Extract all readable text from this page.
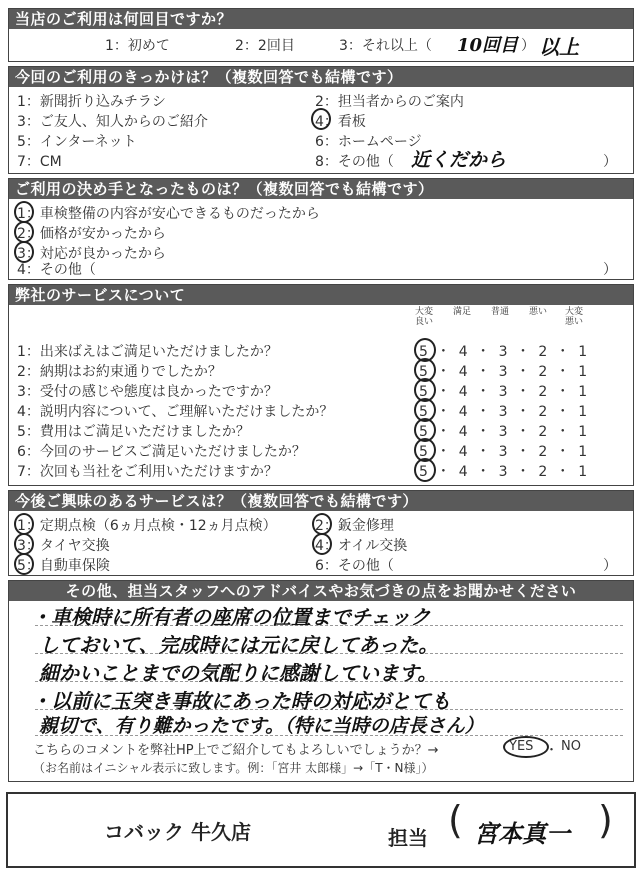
当店のご利用は何回目ですか？
1：初めて	2：2回目	3：それ以上（ 10回目 ） 以上
今回のご利用のきっかけは？（複数回答でも結構です）
1：新聞折り込みチラシ	2：担当者からのご案内
3：ご友人、知人からのご紹介	4：看板
5：インターネット	6：ホームページ
7：CM	8：その他（ 近くだから	）
ご利用の決め手となったものは？（複数回答でも結構です）
1：車検整備の内容が安心できるものだったから
2：価格が安かったから
3：対応が良かったから
4：その他（	）
弊社のサービスについて
大変
良い
満足	普通	悪い	大変
悪い
1：出来ばえはご満足いただけましたか？	5 ・ 4 ・ 3 ・ 2 ・ 1
2：納期はお約束通りでしたか？	5 ・ 4 ・ 3 ・ 2 ・ 1
3：受付の感じや態度は良かったですか？	5 ・ 4 ・ 3 ・ 2 ・ 1
4：説明内容について、ご理解いただけましたか？	5 ・ 4 ・ 3 ・ 2 ・ 1
5：費用はご満足いただけましたか？	5 ・ 4 ・ 3 ・ 2 ・ 1
6：今回のサービスご満足いただけましたか？	5 ・ 4 ・ 3 ・ 2 ・ 1
7：次回も当社をご利用いただけますか？	5 ・ 4 ・ 3 ・ 2 ・ 1
今後ご興味のあるサービスは？（複数回答でも結構です）
1：定期点検（6ヵ月点検・12ヵ月点検）	2：鈑金修理
3：タイヤ交換	4：オイル交換
5：自動車保険	6：その他（	）
その他、担当スタッフへのアドバイスやお気づきの点をお聞かせください
・車検時に所有者の座席の位置までチェック
しておいて、完成時には元に戻してあった。
細かいことまでの気配りに感謝しています。
・以前に玉突き事故にあった時の対応がとても
親切で、有り難かったです。（特に当時の店長さん）
こちらのコメントを弊社HP上でご紹介してもよろしいでしょうか？→	YES ・ NO
（お名前はイニシャル表示に致します。例：「宮井 太郎様」→「T・N様」）
コバック 牛久店	担当 ( 宮本真一 )
